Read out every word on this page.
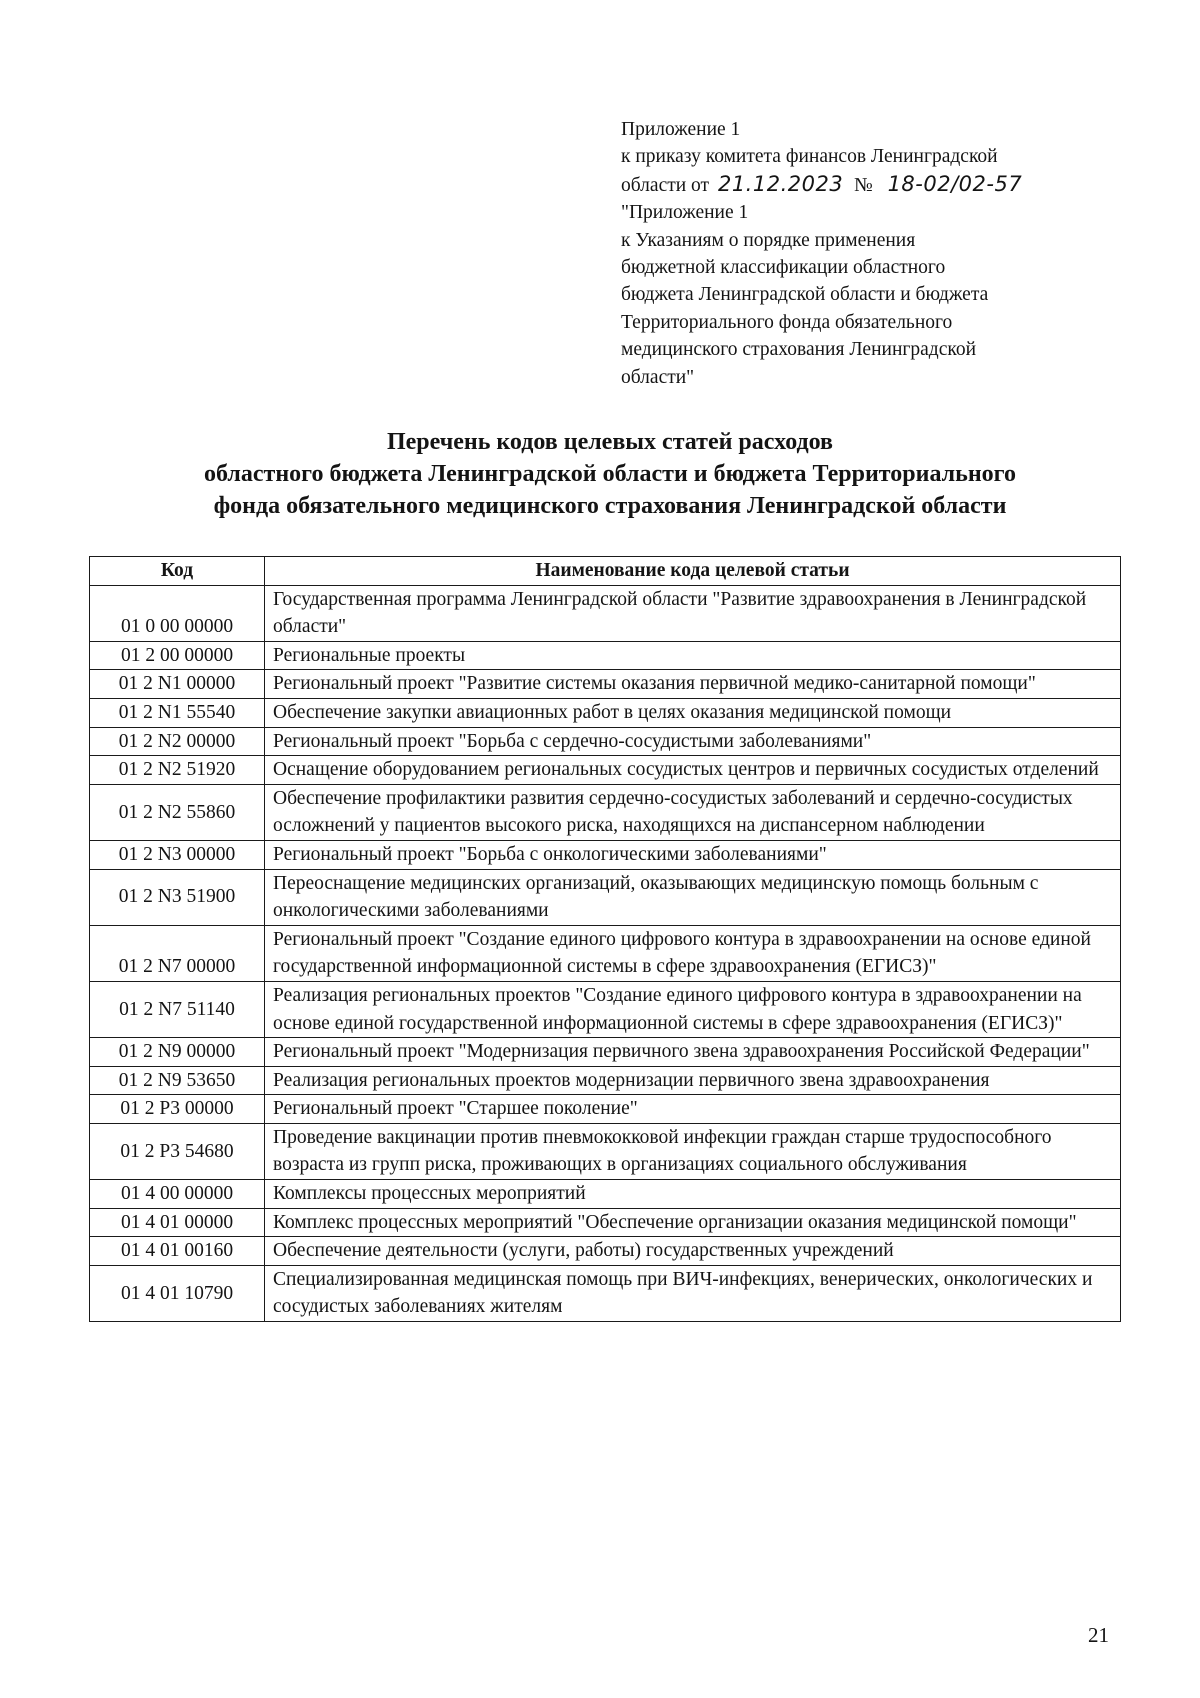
Приложение 1
к приказу комитета финансов Ленинградской
области от 21.12.2023 № 18-02/02-57
"Приложение 1
к Указаниям о порядке применения
бюджетной классификации областного
бюджета Ленинградской области и бюджета
Территориального фонда обязательного
медицинского страхования Ленинградской
области"
Перечень кодов целевых статей расходов
областного бюджета Ленинградской области и бюджета Территориального
фонда обязательного медицинского страхования Ленинградской области
Код	Наименование кода целевой статьи
01 0 00 00000	Государственная программа Ленинградской области "Развитие здравоохранения в Ленинградской области"
01 2 00 00000	Региональные проекты
01 2 N1 00000	Региональный проект "Развитие системы оказания первичной медико-санитарной помощи"
01 2 N1 55540	Обеспечение закупки авиационных работ в целях оказания медицинской помощи
01 2 N2 00000	Региональный проект "Борьба с сердечно-сосудистыми заболеваниями"
01 2 N2 51920	Оснащение оборудованием региональных сосудистых центров и первичных сосудистых отделений
01 2 N2 55860	Обеспечение профилактики развития сердечно-сосудистых заболеваний и сердечно-сосудистых осложнений у пациентов высокого риска, находящихся на диспансерном наблюдении
01 2 N3 00000	Региональный проект "Борьба с онкологическими заболеваниями"
01 2 N3 51900	Переоснащение медицинских организаций, оказывающих медицинскую помощь больным с онкологическими заболеваниями
01 2 N7 00000	Региональный проект "Создание единого цифрового контура в здравоохранении на основе единой государственной информационной системы в сфере здравоохранения (ЕГИСЗ)"
01 2 N7 51140	Реализация региональных проектов "Создание единого цифрового контура в здравоохранении на основе единой государственной информационной системы в сфере здравоохранения (ЕГИСЗ)"
01 2 N9 00000	Региональный проект "Модернизация первичного звена здравоохранения Российской Федерации"
01 2 N9 53650	Реализация региональных проектов модернизации первичного звена здравоохранения
01 2 P3 00000	Региональный проект "Старшее поколение"
01 2 P3 54680	Проведение вакцинации против пневмококковой инфекции граждан старше трудоспособного возраста из групп риска, проживающих в организациях социального обслуживания
01 4 00 00000	Комплексы процессных мероприятий
01 4 01 00000	Комплекс процессных мероприятий "Обеспечение организации оказания медицинской помощи"
01 4 01 00160	Обеспечение деятельности (услуги, работы) государственных учреждений
01 4 01 10790	Специализированная медицинская помощь при ВИЧ-инфекциях, венерических, онкологических и сосудистых заболеваниях жителям
21
